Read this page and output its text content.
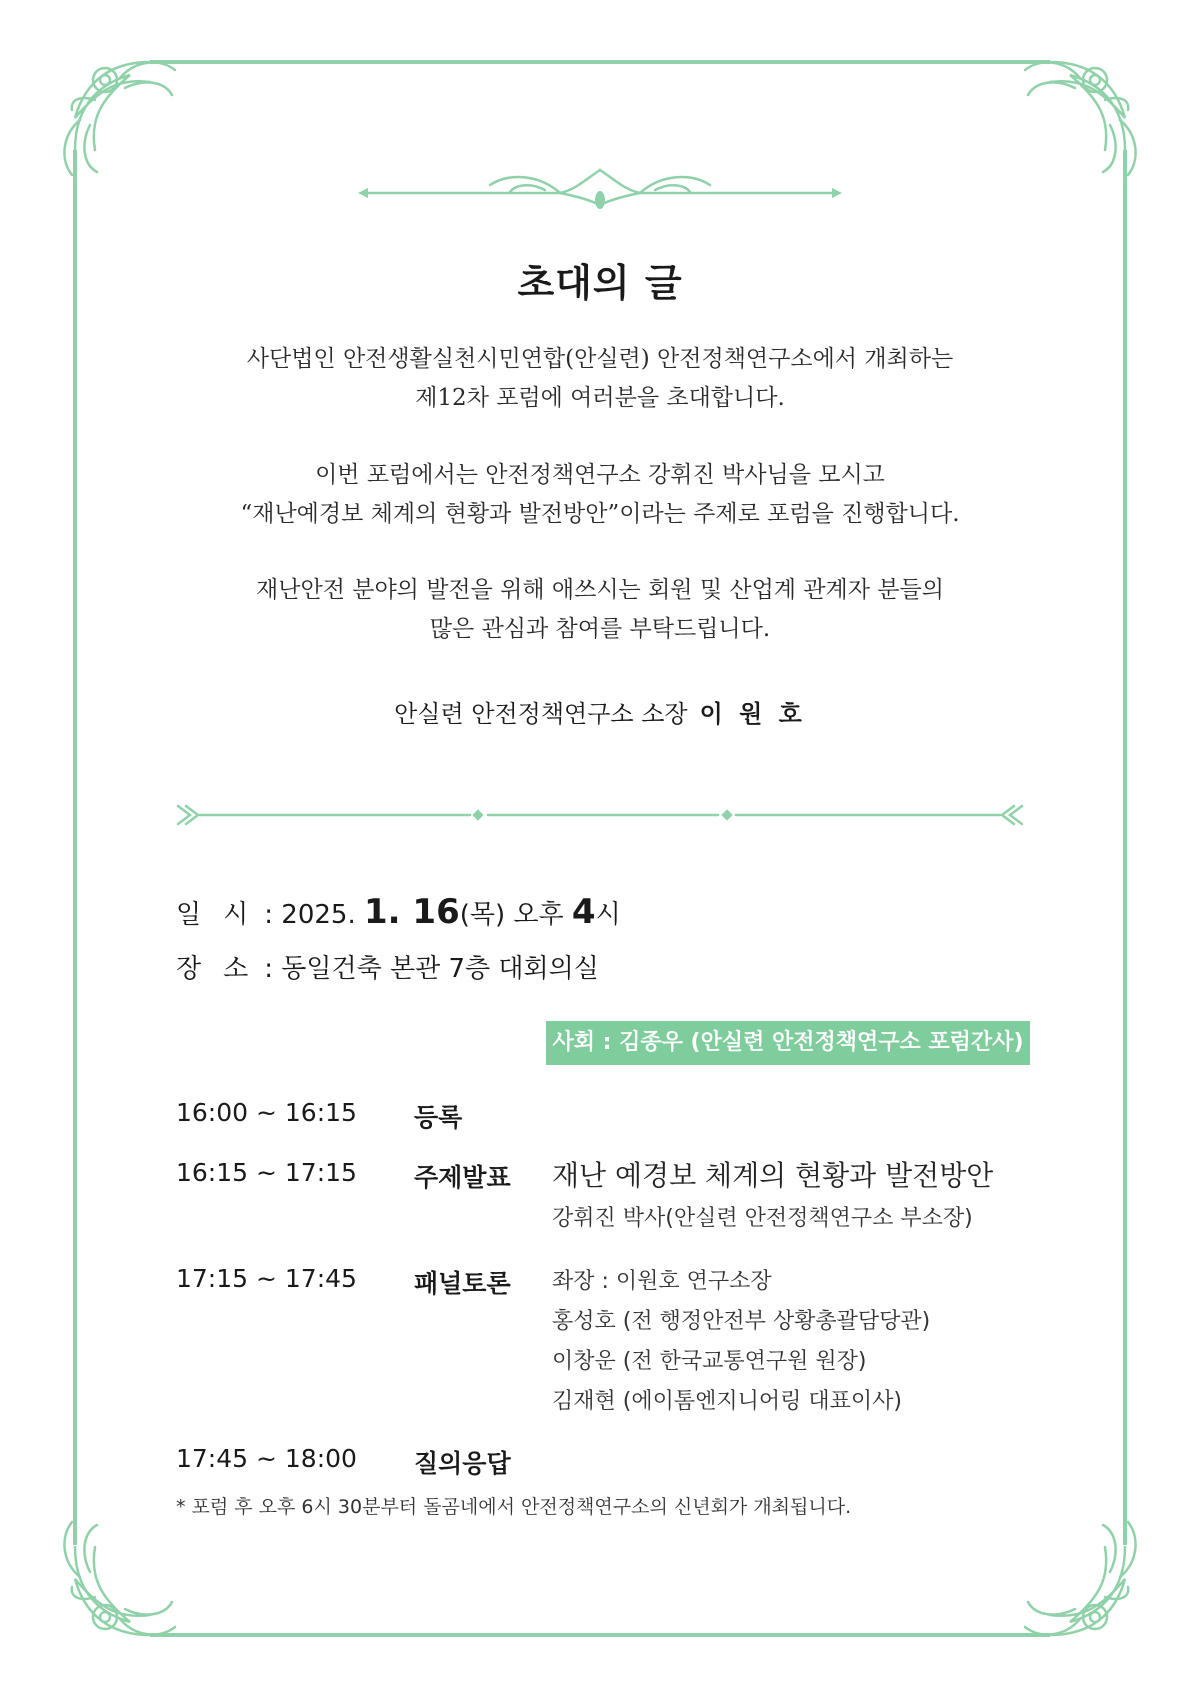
초대의 글
사단법인 안전생활실천시민연합(안실련) 안전정책연구소에서 개최하는
제12차 포럼에 여러분을 초대합니다.
이번 포럼에서는 안전정책연구소 강휘진 박사님을 모시고
“재난예경보 체계의 현황과 발전방안”이라는 주제로 포럼을 진행합니다.
재난안전 분야의 발전을 위해 애쓰시는 회원 및 산업계 관계자 분들의
많은 관심과 참여를 부탁드립니다.
안실련 안전정책연구소 소장 이 원 호
일 시 : 2025. 1. 16(목) 오후 4시
장 소 : 동일건축 본관 7층 대회의실
사회 : 김종우 (안실련 안전정책연구소 포럼간사)
16:00 ~ 16:15 등록
16:15 ~ 17:15 주제발표 재난 예경보 체계의 현황과 발전방안
강휘진 박사(안실련 안전정책연구소 부소장)
17:15 ~ 17:45 패널토론 좌장 : 이원호 연구소장
홍성호 (전 행정안전부 상황총괄담당관)
이창운 (전 한국교통연구원 원장)
김재현 (에이톰엔지니어링 대표이사)
17:45 ~ 18:00 질의응답
* 포럼 후 오후 6시 30분부터 돌곰네에서 안전정책연구소의 신년회가 개최됩니다.
